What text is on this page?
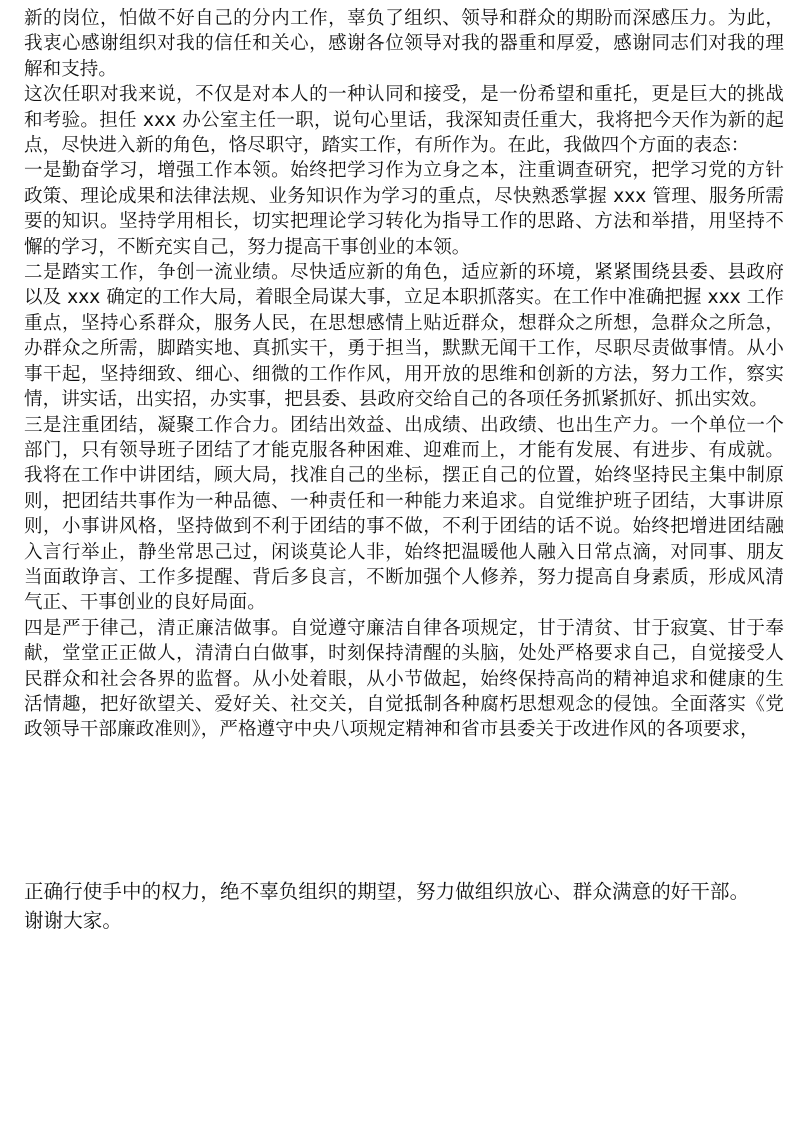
新的岗位，怕做不好自己的分内工作，辜负了组织、领导和群众的期盼而深感压力。为此，我衷心感谢组织对我的信任和关心，感谢各位领导对我的器重和厚爱，感谢同志们对我的理解和支持。

这次任职对我来说，不仅是对本人的一种认同和接受，是一份希望和重托，更是巨大的挑战和考验。担任 xxx 办公室主任一职，说句心里话，我深知责任重大，我将把今天作为新的起点，尽快进入新的角色，恪尽职守，踏实工作，有所作为。在此，我做四个方面的表态：

一是勤奋学习，增强工作本领。始终把学习作为立身之本，注重调查研究，把学习党的方针政策、理论成果和法律法规、业务知识作为学习的重点，尽快熟悉掌握 xxx 管理、服务所需要的知识。坚持学用相长，切实把理论学习转化为指导工作的思路、方法和举措，用坚持不懈的学习，不断充实自己，努力提高干事创业的本领。

二是踏实工作，争创一流业绩。尽快适应新的角色，适应新的环境，紧紧围绕县委、县政府以及 xxx 确定的工作大局，着眼全局谋大事，立足本职抓落实。在工作中准确把握 xxx 工作重点，坚持心系群众，服务人民，在思想感情上贴近群众，想群众之所想，急群众之所急，办群众之所需，脚踏实地、真抓实干，勇于担当，默默无闻干工作，尽职尽责做事情。从小事干起，坚持细致、细心、细微的工作作风，用开放的思维和创新的方法，努力工作，察实情，讲实话，出实招，办实事，把县委、县政府交给自己的各项任务抓紧抓好、抓出实效。

三是注重团结，凝聚工作合力。团结出效益、出成绩、出政绩、也出生产力。一个单位一个部门，只有领导班子团结了才能克服各种困难、迎难而上，才能有发展、有进步、有成就。我将在工作中讲团结，顾大局，找准自己的坐标，摆正自己的位置，始终坚持民主集中制原则，把团结共事作为一种品德、一种责任和一种能力来追求。自觉维护班子团结，大事讲原则，小事讲风格，坚持做到不利于团结的事不做，不利于团结的话不说。始终把增进团结融入言行举止，静坐常思己过，闲谈莫论人非，始终把温暖他人融入日常点滴，对同事、朋友当面敢诤言、工作多提醒、背后多良言，不断加强个人修养，努力提高自身素质，形成风清气正、干事创业的良好局面。

四是严于律己，清正廉洁做事。自觉遵守廉洁自律各项规定，甘于清贫、甘于寂寞、甘于奉献，堂堂正正做人，清清白白做事，时刻保持清醒的头脑，处处严格要求自己，自觉接受人民群众和社会各界的监督。从小处着眼，从小节做起，始终保持高尚的精神追求和健康的生活情趣，把好欲望关、爱好关、社交关，自觉抵制各种腐朽思想观念的侵蚀。全面落实《党政领导干部廉政准则》，严格遵守中央八项规定精神和省市县委关于改进作风的各项要求，

正确行使手中的权力，绝不辜负组织的期望，努力做组织放心、群众满意的好干部。

谢谢大家。
